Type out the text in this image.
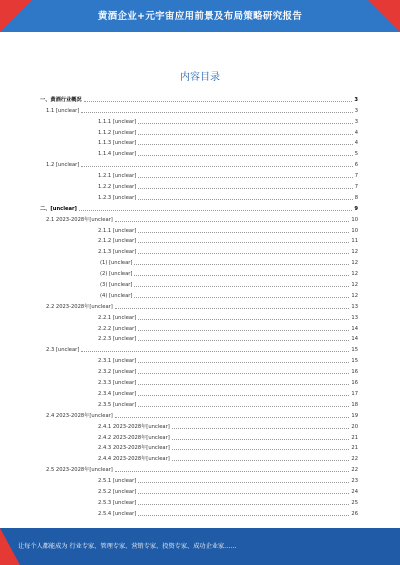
黄酒企业+元宇宙应用前景及布局策略研究报告
内容目录
一、黄酒行业概况	3
1.1 [unclear]	3
1.1.1 [unclear]	3
1.1.2 [unclear]	4
1.1.3 [unclear]	4
1.1.4 [unclear]	5
1.2 [unclear]	6
1.2.1 [unclear]	7
1.2.2 [unclear]	7
1.2.3 [unclear]	8
二、[unclear]	9
2.1 2023-2028年[unclear]	10
2.1.1 [unclear]	10
2.1.2 [unclear]	11
2.1.3 [unclear]	12
(1) [unclear]	12
(2) [unclear]	12
(3) [unclear]	12
(4) [unclear]	12
2.2 2023-2028年[unclear]	13
2.2.1 [unclear]	13
2.2.2 [unclear]	14
2.2.3 [unclear]	14
2.3 [unclear]	15
2.3.1 [unclear]	15
2.3.2 [unclear]	16
2.3.3 [unclear]	16
2.3.4 [unclear]	17
2.3.5 [unclear]	18
2.4 2023-2028年[unclear]	19
2.4.1 2023-2028年[unclear]	20
2.4.2 2023-2028年[unclear]	21
2.4.3 2023-2028年[unclear]	21
2.4.4 2023-2028年[unclear]	22
2.5 2023-2028年[unclear]	22
2.5.1 [unclear]	23
2.5.2 [unclear]	24
2.5.3 [unclear]	25
2.5.4 [unclear]	26
让每个人都能成为 行业专家、管理专家、营销专家、投资专家、成功企业家……
